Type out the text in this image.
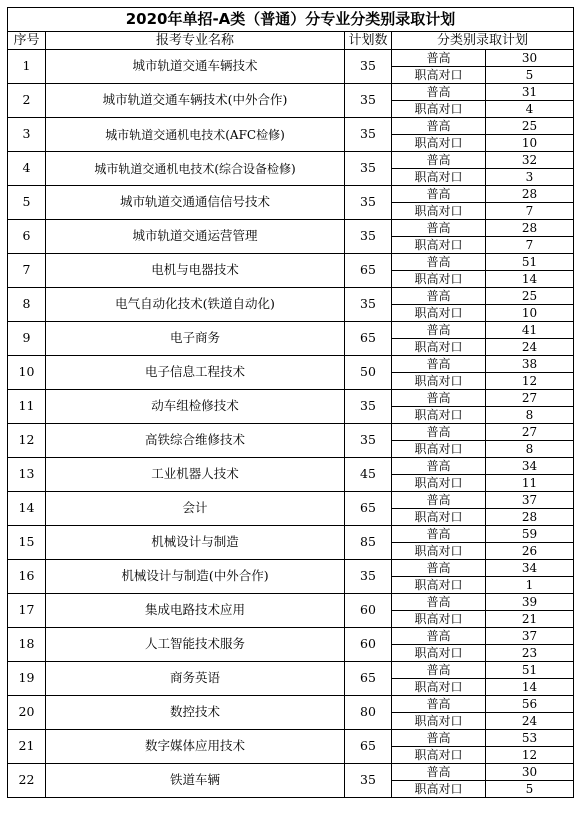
2020年单招-A类（普通）分专业分类别录取计划				
序号	报考专业名称	计划数	分类别录取计划	
1	城市轨道交通车辆技术	35	普高	30
			职高对口	5
2	城市轨道交通车辆技术(中外合作)	35	普高	31
			职高对口	4
3	城市轨道交通机电技术(AFC检修)	35	普高	25
			职高对口	10
4	城市轨道交通机电技术(综合设备检修)	35	普高	32
			职高对口	3
5	城市轨道交通通信信号技术	35	普高	28
			职高对口	7
6	城市轨道交通运营管理	35	普高	28
			职高对口	7
7	电机与电器技术	65	普高	51
			职高对口	14
8	电气自动化技术(铁道自动化)	35	普高	25
			职高对口	10
9	电子商务	65	普高	41
			职高对口	24
10	电子信息工程技术	50	普高	38
			职高对口	12
11	动车组检修技术	35	普高	27
			职高对口	8
12	高铁综合维修技术	35	普高	27
			职高对口	8
13	工业机器人技术	45	普高	34
			职高对口	11
14	会计	65	普高	37
			职高对口	28
15	机械设计与制造	85	普高	59
			职高对口	26
16	机械设计与制造(中外合作)	35	普高	34
			职高对口	1
17	集成电路技术应用	60	普高	39
			职高对口	21
18	人工智能技术服务	60	普高	37
			职高对口	23
19	商务英语	65	普高	51
			职高对口	14
20	数控技术	80	普高	56
			职高对口	24
21	数字媒体应用技术	65	普高	53
			职高对口	12
22	铁道车辆	35	普高	30
			职高对口	5
